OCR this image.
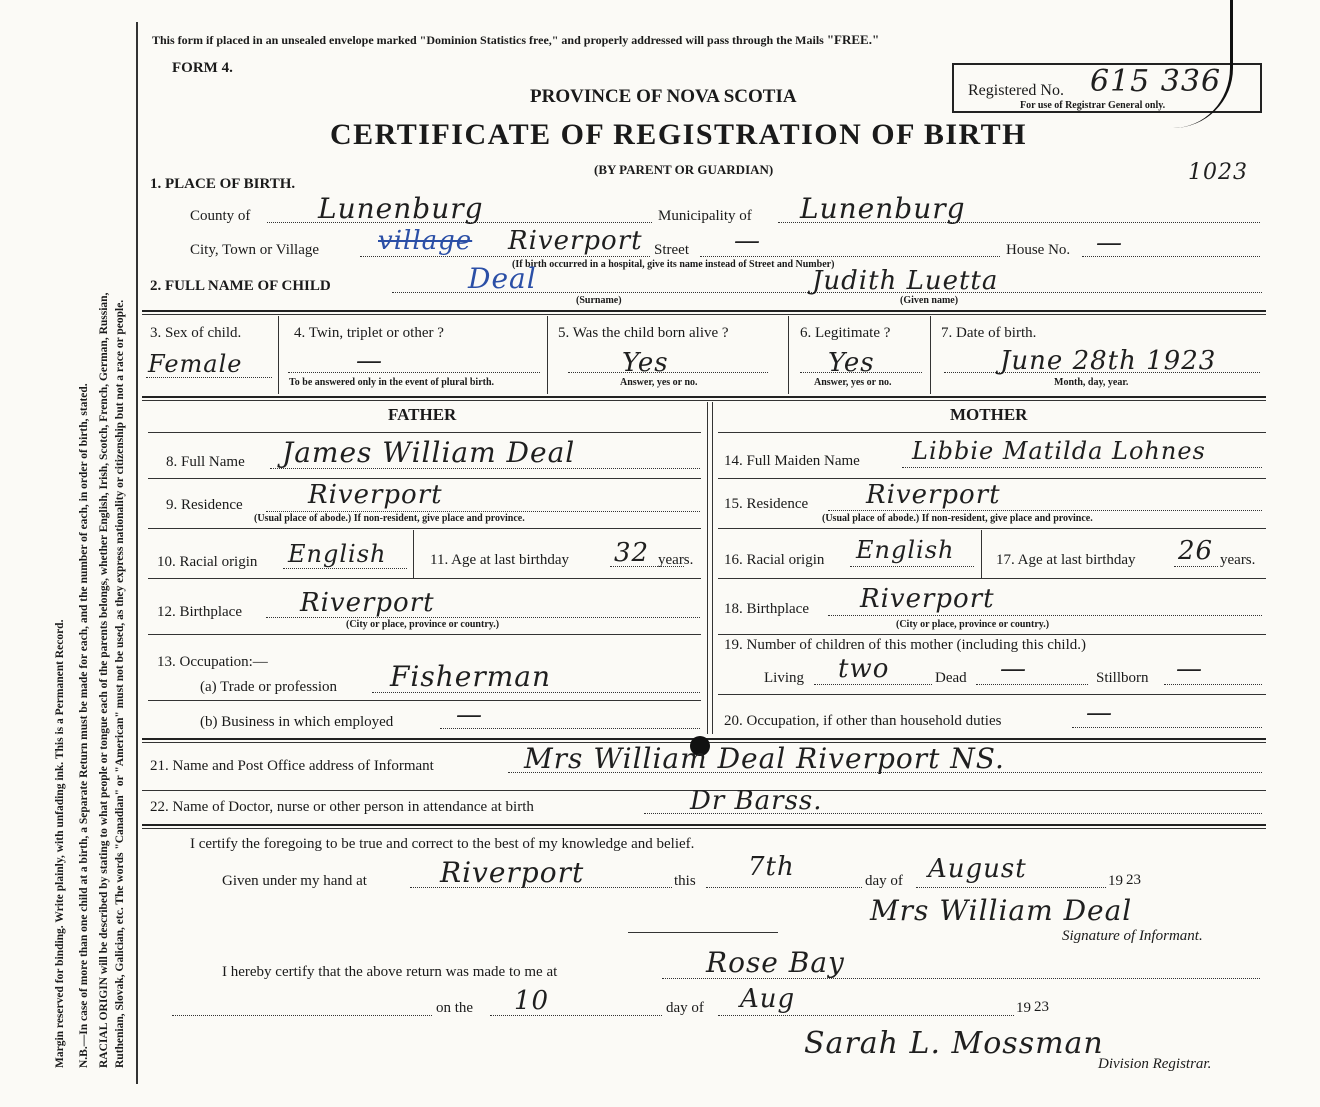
Margin reserved for binding. Write plainly, with unfading ink. This is a Permanent Record. N.B.—In case of more than one child at a birth, a Separate Return must be made for each, and the number of each, in order of birth, stated. RACIAL ORIGIN will be described by stating to what people or tongue each of the parents belongs, whether English, Irish, Scotch, French, German, Russian, Ruthenian, Slovak, Galician, etc. The words "Canadian" or "American" must not be used, as they express nationality or citizenship but not a race or people.
This form if placed in an unsealed envelope marked "Dominion Statistics free," and properly addressed will pass through the Mails "FREE."
FORM 4.
PROVINCE OF NOVA SCOTIA
CERTIFICATE OF REGISTRATION OF BIRTH
(BY PARENT OR GUARDIAN)
Registered No. 615 336
For use of Registrar General only.
1023
1. PLACE OF BIRTH.
County of Lunenburg	Municipality of Lunenburg
City, Town or Village village Riverport Street —	House No. —
(If birth occurred in a hospital, give its name instead of Street and Number)
2. FULL NAME OF CHILD	Deal
(Surname)
Judith Luetta
(Given name)
3. Sex of child.
Female
4. Twin, triplet or other ?
—
To be answered only in the event of plural birth.
5. Was the child born alive ?
Yes
Answer, yes or no.
6. Legitimate ?
Yes
Answer, yes or no.
7. Date of birth.
June 28th 1923
Month, day, year.
FATHER	MOTHER
8. Full Name James William Deal
9. Residence	Riverport
(Usual place of abode.) If non-resident, give place and province.
10. Racial origin English	11. Age at last birthday 32 years.
12. Birthplace Riverport
(City or place, province or country.)
13. Occupation:—
(a) Trade or profession Fisherman
(b) Business in which employed —
14. Full Maiden Name Libbie Matilda Lohnes
15. Residence Riverport
(Usual place of abode.) If non-resident, give place and province.
16. Racial origin English	17. Age at last birthday 26 years.
18. Birthplace Riverport
(City or place, province or country.)
19. Number of children of this mother (including this child.)
Living two	Dead —	Stillborn —
20. Occupation, if other than household duties	—
21. Name and Post Office address of Informant	Mrs William Deal Riverport NS.
22. Name of Doctor, nurse or other person in attendance at birth	Dr Barss.
I certify the foregoing to be true and correct to the best of my knowledge and belief.
Given under my hand at	Riverport	this 7th	day of August	19 23
Mrs William Deal
Signature of Informant.
I hereby certify that the above return was made to me at	Rose Bay
on the 10	day of Aug	19 23
Sarah L. Mossman
Division Registrar.
